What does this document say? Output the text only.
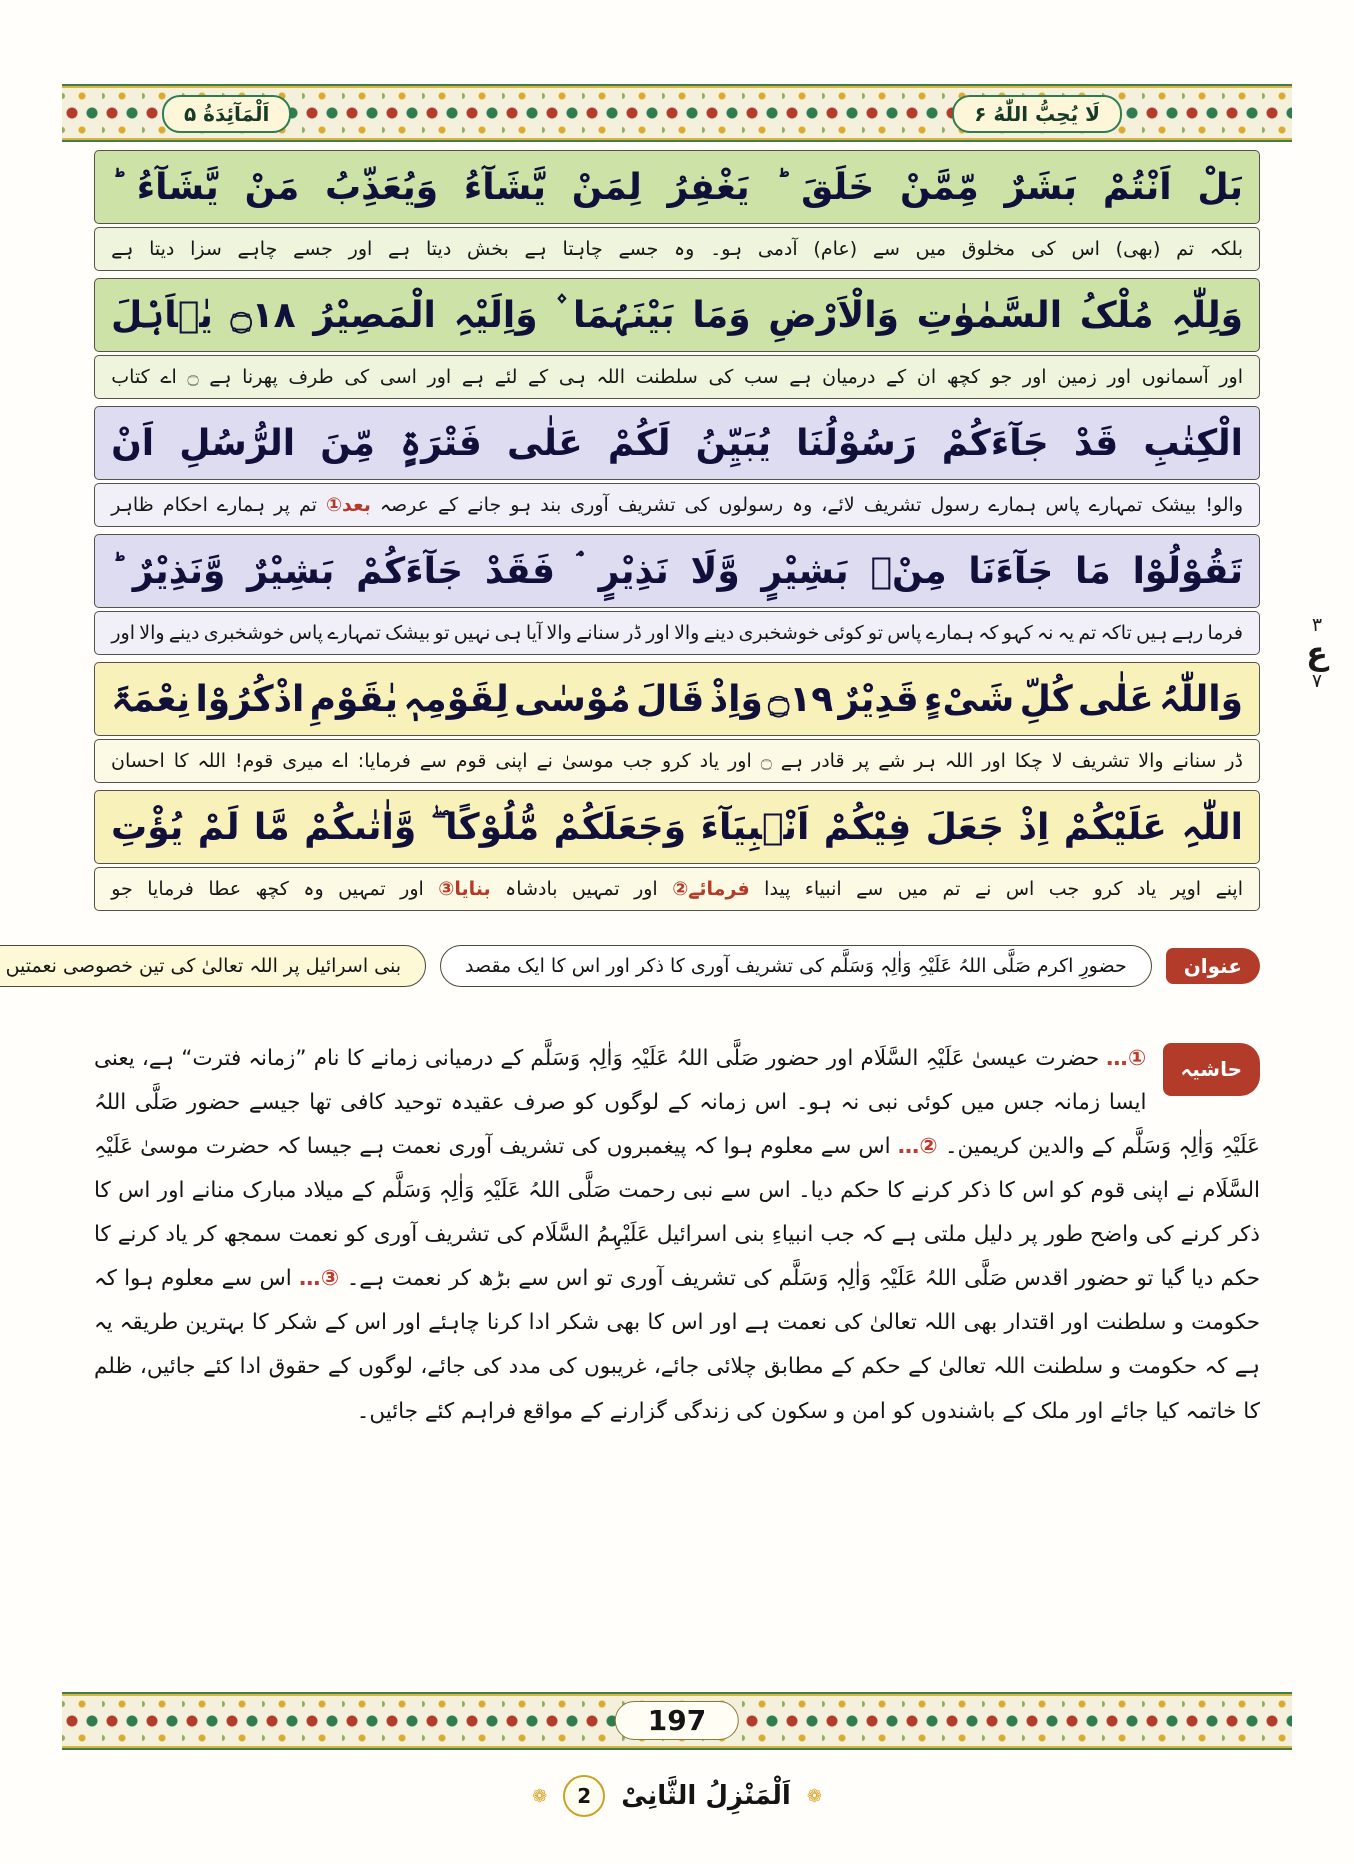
لَا يُحِبُّ اللّٰهُ ۶
اَلْمَآئِدَةُ ۵
بَلْ
اَنْتُمْ
بَشَرٌ
مِّمَّنْ
خَلَقَ
یَغْفِرُ
لِمَنْ
یَّشَآءُ
وَیُعَذِّبُ
مَنْ
یَّشَآءُ
بلکہ
تم
(بھی)
اس
کی
مخلوق
میں
سے
(عام)
آدمی
ہو۔
وہ
جسے
چاہتا
ہے
بخش
دیتا
ہے
اور
جسے
چاہے
سزا
دیتا
ہے
وَلِلّٰہِ
مُلْکُ
السَّمٰوٰتِ
وَالْاَرْضِ
وَمَا
بَیْنَہُمَا
وَاِلَیْہِ
الْمَصِیْرُ
۝١٨
یٰۤاَہْلَ
اور
آسمانوں
اور
زمین
اور
جو
کچھ
ان
کے
درمیان
ہے
سب
کی
سلطنت
اللہ
ہی
کے
لئے
ہے
اور
اسی
کی
طرف
پھرنا
ہے
۝
اے
کتاب
الْکِتٰبِ
قَدْ
جَآءَکُمْ
رَسُوْلُنَا
یُبَیِّنُ
لَکُمْ
عَلٰی
فَتْرَۃٍ
مِّنَ
الرُّسُلِ
اَنْ
والو!
بیشک
تمہارے
پاس
ہمارے
رسول
تشریف
لائے،
وہ
رسولوں
کی
تشریف
آوری
بند
ہو
جانے
کے
عرصہ
بعد①
تم
پر
ہمارے
احکام
ظاہر
تَقُوْلُوْا
مَا
جَآءَنَا
مِنْۢ
بَشِیْرٍ
وَّلَا
نَذِیْرٍ
فَقَدْ
جَآءَکُمْ
بَشِیْرٌ
وَّنَذِیْرٌ
فرما
رہے
ہیں
تاکہ
تم
یہ
نہ
کہو
کہ
ہمارے
پاس
تو
کوئی
خوشخبری
دینے
والا
اور
ڈر
سنانے
والا
آیا
ہی
نہیں
تو
بیشک
تمہارے
پاس
خوشخبری
دینے
والا
اور
وَاللّٰہُ
عَلٰی
کُلِّ
شَیْءٍ
قَدِیْرٌ
۝١٩
وَاِذْ
قَالَ
مُوْسٰی
لِقَوْمِہٖ
یٰقَوْمِ
اذْکُرُوْا
نِعْمَۃَ
ڈر
سنانے
والا
تشریف
لا
چکا
اور
اللہ
ہر
شے
پر
قادر
ہے
۝
اور
یاد
کرو
جب
موسیٰ
نے
اپنی
قوم
سے
فرمایا:
اے
میری
قوم!
اللہ
کا
احسان
اللّٰہِ
عَلَیْکُمْ
اِذْ
جَعَلَ
فِیْکُمْ
اَنْۢبِیَآءَ
وَجَعَلَکُمْ
مُّلُوْکًا
وَّاٰتٰىکُمْ
مَّا
لَمْ
یُؤْتِ
اپنے
اوپر
یاد
کرو
جب
اس
نے
تم
میں
سے
انبیاء
پیدا
فرمائے②
اور
تمہیں
بادشاہ
بنایا③
اور
تمہیں
وہ
کچھ
عطا
فرمایا
جو
عنوان
حضورِ اکرم صَلَّی اللہُ عَلَیْہِ وَاٰلِہٖ وَسَلَّم کی تشریف آوری کا ذکر اور اس کا ایک مقصد
بنی اسرائیل پر اللہ تعالیٰ کی تین خصوصی نعمتیں
حاشیہ
①… حضرت عیسیٰ عَلَیْہِ السَّلَام اور حضور صَلَّی اللہُ عَلَیْہِ وَاٰلِہٖ وَسَلَّم کے درمیانی زمانے کا نام ”زمانہ فترت“ ہے، یعنی ایسا زمانہ جس میں کوئی نبی نہ ہو۔ اس زمانہ کے لوگوں کو صرف عقیدہ توحید کافی تھا جیسے حضور صَلَّی اللہُ عَلَیْہِ وَاٰلِہٖ وَسَلَّم کے والدین کریمین۔ ②… اس سے معلوم ہوا کہ پیغمبروں کی تشریف آوری نعمت ہے جیسا کہ حضرت موسیٰ عَلَیْہِ السَّلَام نے اپنی قوم کو اس کا ذکر کرنے کا حکم دیا۔ اس سے نبی رحمت صَلَّی اللہُ عَلَیْہِ وَاٰلِہٖ وَسَلَّم کے میلاد مبارک منانے اور اس کا ذکر کرنے کی واضح طور پر دلیل ملتی ہے کہ جب انبیاءِ بنی اسرائیل عَلَیْہِمُ السَّلَام کی تشریف آوری کو نعمت سمجھ کر یاد کرنے کا حکم دیا گیا تو حضور اقدس صَلَّی اللہُ عَلَیْہِ وَاٰلِہٖ وَسَلَّم کی تشریف آوری تو اس سے بڑھ کر نعمت ہے۔ ③… اس سے معلوم ہوا کہ حکومت و سلطنت اور اقتدار بھی اللہ تعالیٰ کی نعمت ہے اور اس کا بھی شکر ادا کرنا چاہئے اور اس کے شکر کا بہترین طریقہ یہ ہے کہ حکومت و سلطنت اللہ تعالیٰ کے حکم کے مطابق چلائی جائے، غریبوں کی مدد کی جائے، لوگوں کے حقوق ادا کئے جائیں، ظلم کا خاتمہ کیا جائے اور ملک کے باشندوں کو امن و سکون کی زندگی گزارنے کے مواقع فراہم کئے جائیں۔
۳
ع
۷
197
❁
اَلْمَنْزِلُ الثَّانِیْ
2
❁
